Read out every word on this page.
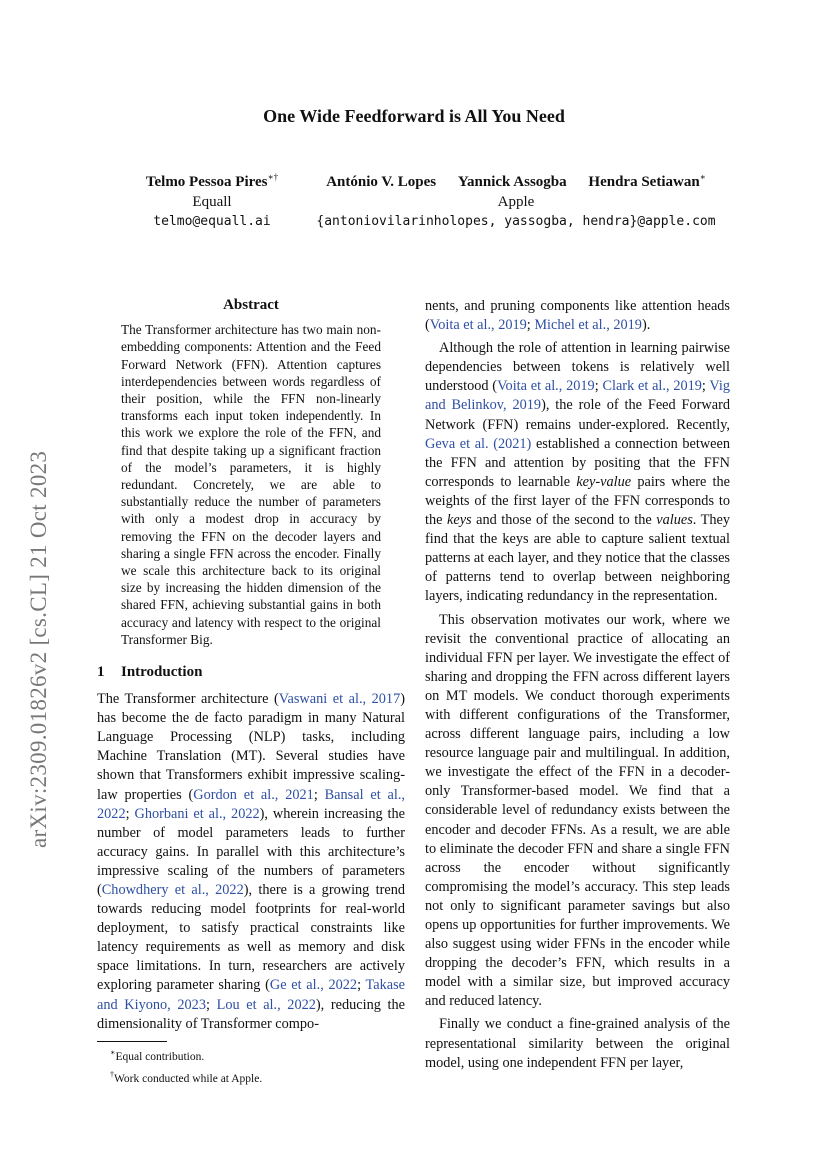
One Wide Feedforward is All You Need
Telmo Pessoa Pires∗†
Equall
telmo@equall.ai
António V. Lopes Yannick Assogba Hendra Setiawan∗
Apple
{antoniovilarinholopes, yassogba, hendra}@apple.com
arXiv:2309.01826v2 [cs.CL] 21 Oct 2023
Abstract

The Transformer architecture has two main non-embedding components: Attention and the Feed Forward Network (FFN). Attention captures interdependencies between words regardless of their position, while the FFN non-linearly transforms each input token independently. In this work we explore the role of the FFN, and find that despite taking up a significant fraction of the model’s parameters, it is highly redundant. Concretely, we are able to substantially reduce the number of parameters with only a modest drop in accuracy by removing the FFN on the decoder layers and sharing a single FFN across the encoder. Finally we scale this architecture back to its original size by increasing the hidden dimension of the shared FFN, achieving substantial gains in both accuracy and latency with respect to the original Transformer Big.

1 Introduction

The Transformer architecture (Vaswani et al., 2017) has become the de facto paradigm in many Natural Language Processing (NLP) tasks, including Machine Translation (MT). Several studies have shown that Transformers exhibit impressive scaling-law properties (Gordon et al., 2021; Bansal et al., 2022; Ghorbani et al., 2022), wherein increasing the number of model parameters leads to further accuracy gains. In parallel with this architecture’s impressive scaling of the numbers of parameters (Chowdhery et al., 2022), there is a growing trend towards reducing model footprints for real-world deployment, to satisfy practical constraints like latency requirements as well as memory and disk space limitations. In turn, researchers are actively exploring parameter sharing (Ge et al., 2022; Takase and Kiyono, 2023; Lou et al., 2022), reducing the dimensionality of Transformer compo-

∗Equal contribution.
†Work conducted while at Apple.

nents, and pruning components like attention heads (Voita et al., 2019; Michel et al., 2019).

Although the role of attention in learning pairwise dependencies between tokens is relatively well understood (Voita et al., 2019; Clark et al., 2019; Vig and Belinkov, 2019), the role of the Feed Forward Network (FFN) remains under-explored. Recently, Geva et al. (2021) established a connection between the FFN and attention by positing that the FFN corresponds to learnable key-value pairs where the weights of the first layer of the FFN corresponds to the keys and those of the second to the values. They find that the keys are able to capture salient textual patterns at each layer, and they notice that the classes of patterns tend to overlap between neighboring layers, indicating redundancy in the representation.

This observation motivates our work, where we revisit the conventional practice of allocating an individual FFN per layer. We investigate the effect of sharing and dropping the FFN across different layers on MT models. We conduct thorough experiments with different configurations of the Transformer, across different language pairs, including a low resource language pair and multilingual. In addition, we investigate the effect of the FFN in a decoder-only Transformer-based model. We find that a considerable level of redundancy exists between the encoder and decoder FFNs. As a result, we are able to eliminate the decoder FFN and share a single FFN across the encoder without significantly compromising the model’s accuracy. This step leads not only to significant parameter savings but also opens up opportunities for further improvements. We also suggest using wider FFNs in the encoder while dropping the decoder’s FFN, which results in a model with a similar size, but improved accuracy and reduced latency.

Finally we conduct a fine-grained analysis of the representational similarity between the original model, using one independent FFN per layer,
